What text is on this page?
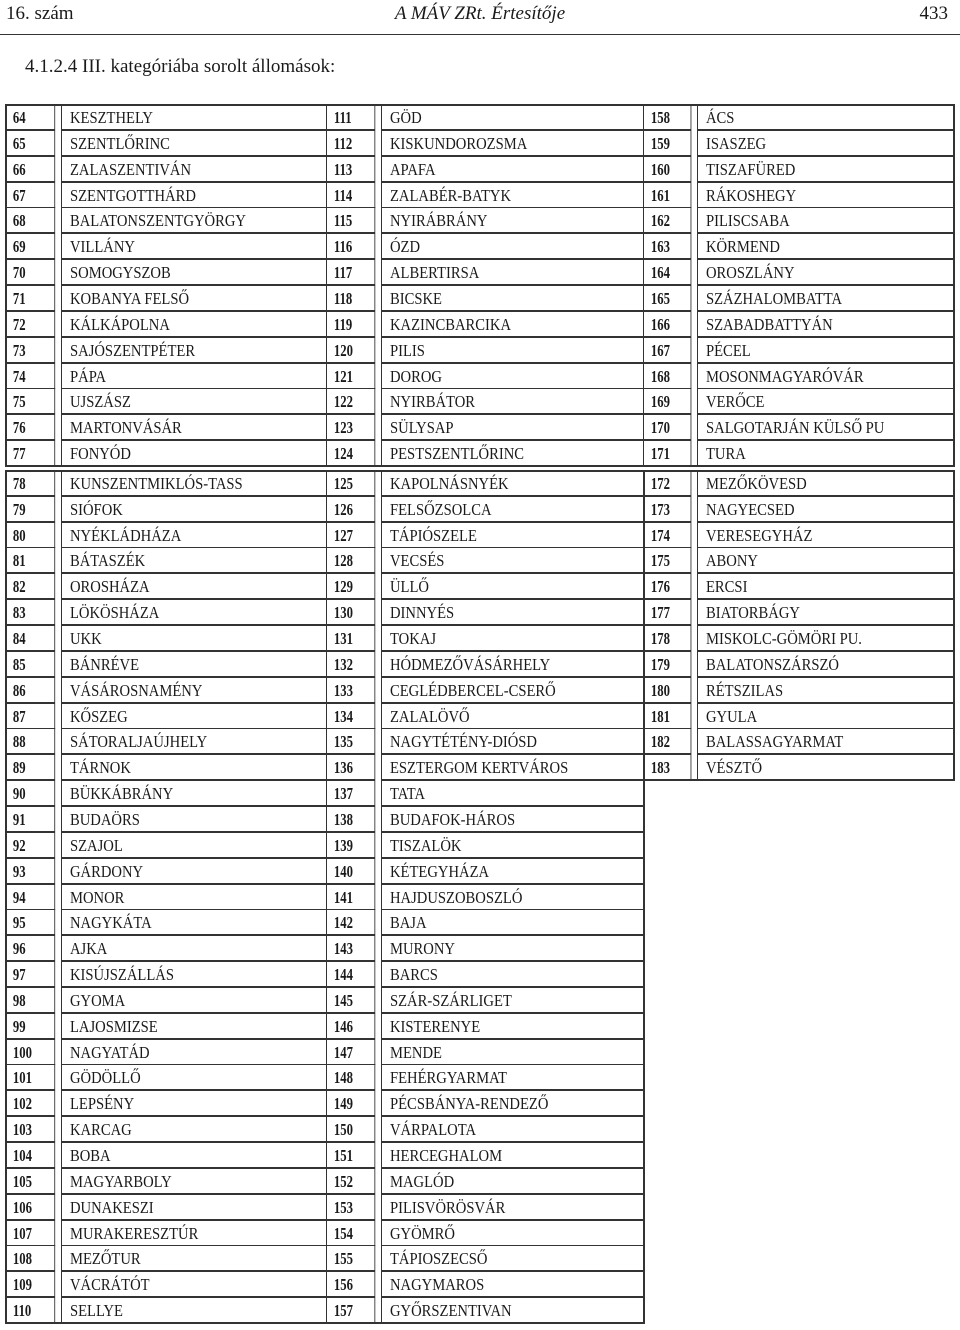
16. szám	A MÁV ZRt. Értesítője	433
4.1.2.4 III. kategóriába sorolt állomások:
64	KESZTHELY	111	GÖD	158	ÁCS
65	SZENTLŐRINC	112	KISKUNDOROZSMA	159	ISASZEG
66	ZALASZENTIVÁN	113	APAFA	160	TISZAFÜRED
67	SZENTGOTTHÁRD	114	ZALABÉR-BATYK	161	RÁKOSHEGY
68	BALATONSZENTGYÖRGY	115	NYIRÁBRÁNY	162	PILISCSABA
69	VILLÁNY	116	ÓZD	163	KÖRMEND
70	SOMOGYSZOB	117	ALBERTIRSA	164	OROSZLÁNY
71	KOBANYA FELSŐ	118	BICSKE	165	SZÁZHALOMBATTA
72	KÁLKÁPOLNA	119	KAZINCBARCIKA	166	SZABADBATTYÁN
73	SAJÓSZENTPÉTER	120	PILIS	167	PÉCEL
74	PÁPA	121	DOROG	168	MOSONMAGYARÓVÁR
75	UJSZÁSZ	122	NYIRBÁTOR	169	VERŐCE
76	MARTONVÁSÁR	123	SÜLYSAP	170	SALGOTARJÁN KÜLSŐ PU
77	FONYÓD	124	PESTSZENTLŐRINC	171	TURA
78	KUNSZENTMIKLÓS-TASS	125	KAPOLNÁSNYÉK	172	MEZŐKÖVESD
79	SIÓFOK	126	FELSŐZSOLCA	173	NAGYECSED
80	NYÉKLÁDHÁZA	127	TÁPIÓSZELE	174	VERESEGYHÁZ
81	BÁTASZÉK	128	VECSÉS	175	ABONY
82	OROSHÁZA	129	ÜLLŐ	176	ERCSI
83	LÖKÖSHÁZA	130	DINNYÉS	177	BIATORBÁGY
84	UKK	131	TOKAJ	178	MISKOLC-GÖMÖRI PU.
85	BÁNRÉVE	132	HÓDMEZŐVÁSÁRHELY	179	BALATONSZÁRSZÓ
86	VÁSÁROSNAMÉNY	133	CEGLÉDBERCEL-CSERŐ	180	RÉTSZILAS
87	KŐSZEG	134	ZALALÖVŐ	181	GYULA
88	SÁTORALJAÚJHELY	135	NAGYTÉTÉNY-DIÓSD	182	BALASSAGYARMAT
89	TÁRNOK	136	ESZTERGOM KERTVÁROS	183	VÉSZTŐ
90	BÜKKÁBRÁNY	137	TATA
91	BUDAÖRS	138	BUDAFOK-HÁROS
92	SZAJOL	139	TISZALÖK
93	GÁRDONY	140	KÉTEGYHÁZA
94	MONOR	141	HAJDUSZOBOSZLÓ
95	NAGYKÁTA	142	BAJA
96	AJKA	143	MURONY
97	KISÚJSZÁLLÁS	144	BARCS
98	GYOMA	145	SZÁR-SZÁRLIGET
99	LAJOSMIZSE	146	KISTERENYE
100	NAGYATÁD	147	MENDE
101	GÖDÖLLŐ	148	FEHÉRGYARMAT
102	LEPSÉNY	149	PÉCSBÁNYA-RENDEZŐ
103	KARCAG	150	VÁRPALOTA
104	BOBA	151	HERCEGHALOM
105	MAGYARBOLY	152	MAGLÓD
106	DUNAKESZI	153	PILISVÖRÖSVÁR
107	MURAKERESZTÚR	154	GYÖMRŐ
108	MEZŐTUR	155	TÁPIOSZECSŐ
109	VÁCRÁTÓT	156	NAGYMAROS
110	SELLYE	157	GYŐRSZENTIVAN
